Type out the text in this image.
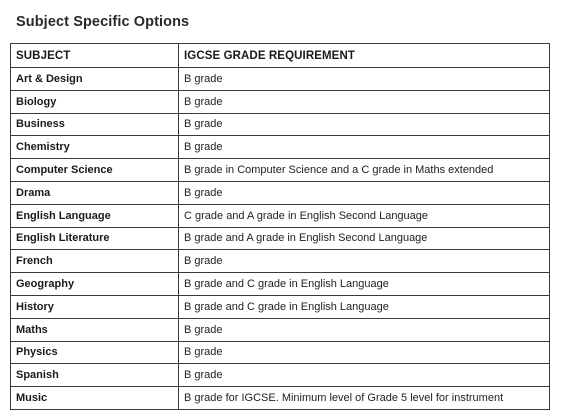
Subject Specific Options
SUBJECT	IGCSE GRADE REQUIREMENT
Art & Design	B grade
Biology	B grade
Business	B grade
Chemistry	B grade
Computer Science	B grade in Computer Science and a C grade in Maths extended
Drama	B grade
English Language	C grade and A grade in English Second Language
English Literature	B grade and A grade in English Second Language
French	B grade
Geography	B grade and C grade in English Language
History	B grade and C grade in English Language
Maths	B grade
Physics	B grade
Spanish	B grade
Music	B grade for IGCSE. Minimum level of Grade 5 level for instrument
